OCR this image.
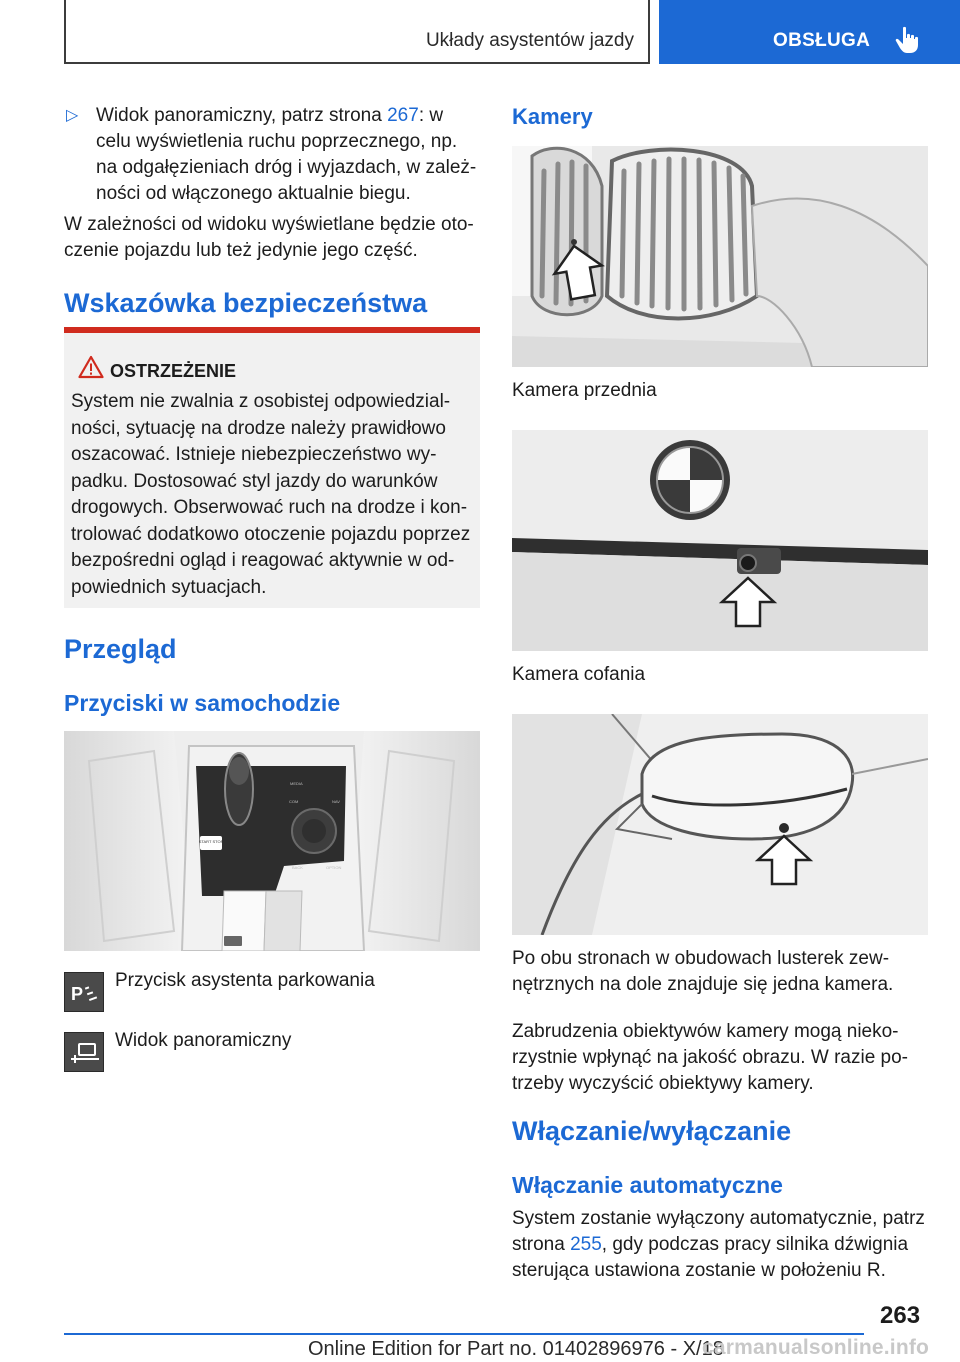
Układy asystentów jazdy	OBSŁUGA
▷ Widok panoramiczny, patrz strona 267: w
celu wyświetlenia ruchu poprzecznego, np.
na odgałęzieniach dróg i wyjazdach, w zależ-
ności od włączonego aktualnie biegu.
W zależności od widoku wyświetlane będzie oto-
czenie pojazdu lub też jedynie jego część.
Wskazówka bezpieczeństwa
OSTRZEŻENIE
System nie zwalnia z osobistej odpowiedzial-
ności, sytuację na drodze należy prawidłowo
oszacować. Istnieje niebezpieczeństwo wy-
padku. Dostosować styl jazdy do warunków
drogowych. Obserwować ruch na drodze i kon-
trolować dodatkowo otoczenie pojazdu poprzez
bezpośredni ogląd i reagować aktywnie w od-
powiednich sytuacjach.
Przegląd
Przyciski w samochodzie
START STOP
MEDIA
COM	NAV
BACK	OPTION
P
Przycisk asystenta parkowania
Widok panoramiczny
Kamery
Kamera przednia
Kamera cofania
Po obu stronach w obudowach lusterek zew-
nętrznych na dole znajduje się jedna kamera.
Zabrudzenia obiektywów kamery mogą nieko-
rzystnie wpłynąć na jakość obrazu. W razie po-
trzeby wyczyścić obiektywy kamery.
Włączanie/wyłączanie
Włączanie automatyczne
System zostanie wyłączony automatycznie, patrz
strona 255, gdy podczas pracy silnika dźwignia
sterująca ustawiona zostanie w położeniu R.
263
Online Edition for Part no. 01402896976 - X/18
carmanualsonline.info
